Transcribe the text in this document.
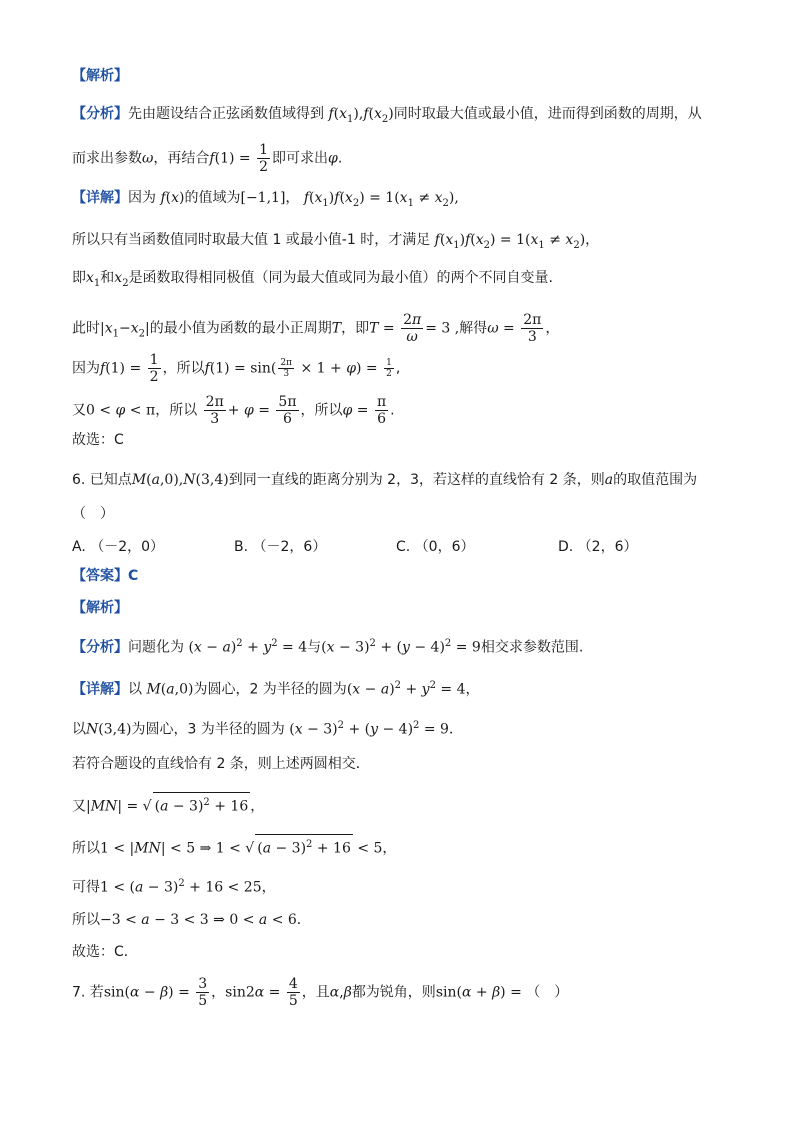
【解析】
【分析】先由题设结合正弦函数值域得到 $f(x_1),f(x_2)$同时取最大值或最小值，进而得到函数的周期，从
而求出参数ω，再结合$f(1) = \frac{1}{2}$ 即可求出φ.
【详解】因为 f(x)的值域为[−1,1]， $f(x_1)f(x_2) = 1(x_1 \ne x_2)$,
所以只有当函数值同时取最大值 1 或最小值-1 时，才满足 $f(x_1)f(x_2) = 1(x_1 \ne x_2)$，
即$x_1$和$x_2$是函数取得相同极值（同为最大值或同为最小值）的两个不同自变量.
此时$|x_1-x_2|$的最小值为函数的最小正周期T，即$T = \frac{2\pi}{\omega} = 3$ ,解得$\omega = \frac{2\pi}{3}$ ，
因为$f(1) = \frac{1}{2}$ ，所以$f(1) = \sin( \frac{2\pi}{3} \times 1 + \varphi) = \frac{1}{2}$ ,
又0 < φ < π，所以 $\frac{2\pi}{3} + \varphi = \frac{5\pi}{6}$ ，所以$\varphi = \frac{\pi}{6}$ .
故选：C
6. 已知点M(a,0),N(3,4)到同一直线的距离分别为 2，3，若这样的直线恰有 2 条，则a的取值范围为
（　）
A. （－2，0）	B. （－2，6）	C. （0，6）	D. （2，6）
【答案】C
【解析】
【分析】问题化为 $(x - a)^2 + y^2 = 4$与$(x - 3)^2 + (y - 4)^2 = 9$相交求参数范围.
【详解】以 M(a,0)为圆心，2 为半径的圆为$(x - a)^2 + y^2 = 4$，
以N(3,4)为圆心，3 为半径的圆为 $(x - 3)^2 + (y - 4)^2 = 9$．
若符合题设的直线恰有 2 条，则上述两圆相交．
又|MN| = √ $(a - 3)^2 + 16$ ，
所以1 < |MN| < 5 ⇒ 1 < √ $(a - 3)^2 + 16 < 5$，
可得$1 < (a - 3)^2 + 16 < 25$，
所以−3 < a − 3 < 3 ⇒ 0 < a < 6．
故选：C．
7. 若$\sin(\alpha - \beta) = \frac{3}{5}$ ，$\sin 2\alpha = \frac{4}{5}$ ，且α,β都为锐角，则sin(α + β) = （　）
